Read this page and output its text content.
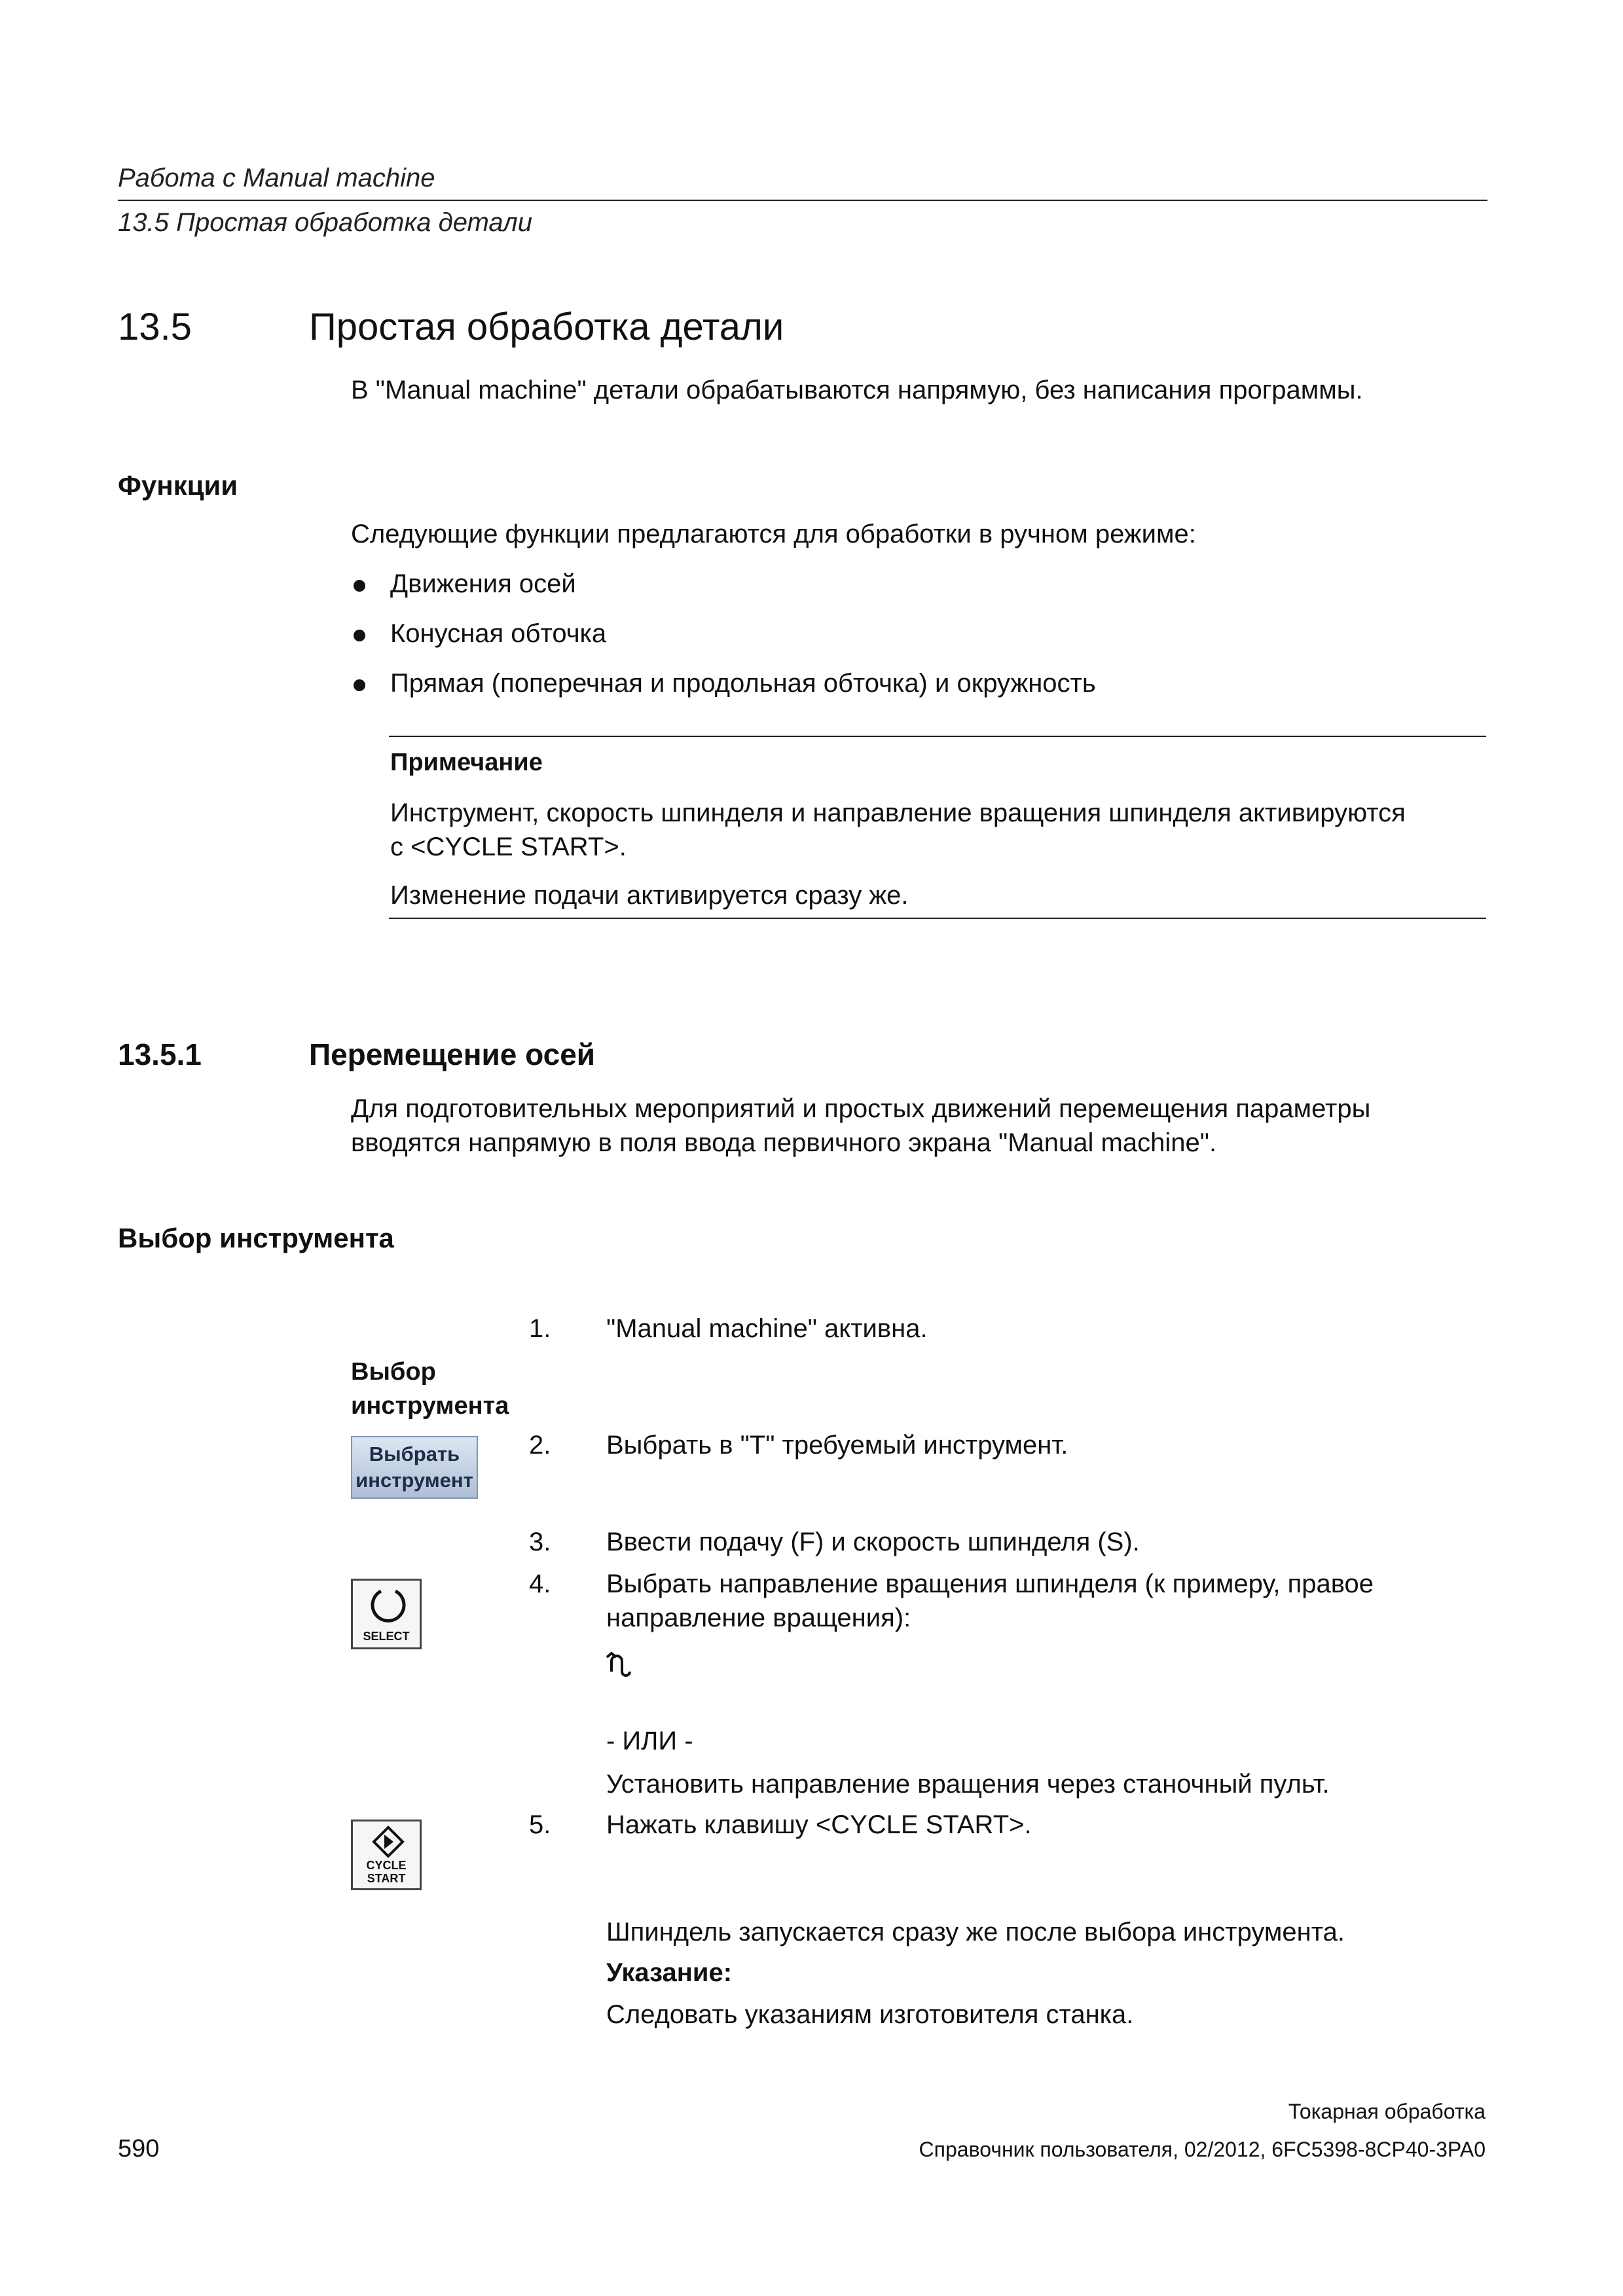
Работа с Manual machine
13.5 Простая обработка детали
13.5	Простая обработка детали
В "Manual machine" детали обрабатываются напрямую, без написания программы.
Функции
Следующие функции предлагаются для обработки в ручном режиме:
Движения осей
Конусная обточка
Прямая (поперечная и продольная обточка) и окружность
Примечание
Инструмент, скорость шпинделя и направление вращения шпинделя активируются
с <CYCLE START>.
Изменение подачи активируется сразу же.
13.5.1	Перемещение осей
Для подготовительных мероприятий и простых движений перемещения параметры
вводятся напрямую в поля ввода первичного экрана "Manual machine".
Выбор инструмента
Выбор
инструмента
Выбрать
инструмент
SELECT
CYCLE
START
1. "Manual machine" активна.
2. Выбрать в "T" требуемый инструмент.
3. Ввести подачу (F) и скорость шпинделя (S).
4. Выбрать направление вращения шпинделя (к примеру, правое
направление вращения):
- ИЛИ -
Установить направление вращения через станочный пульт.
5. Нажать клавишу <CYCLE START>.
Шпиндель запускается сразу же после выбора инструмента.
Указание:
Следовать указаниям изготовителя станка.
Токарная обработка
590	Справочник пользователя, 02/2012, 6FC5398-8CP40-3PA0
